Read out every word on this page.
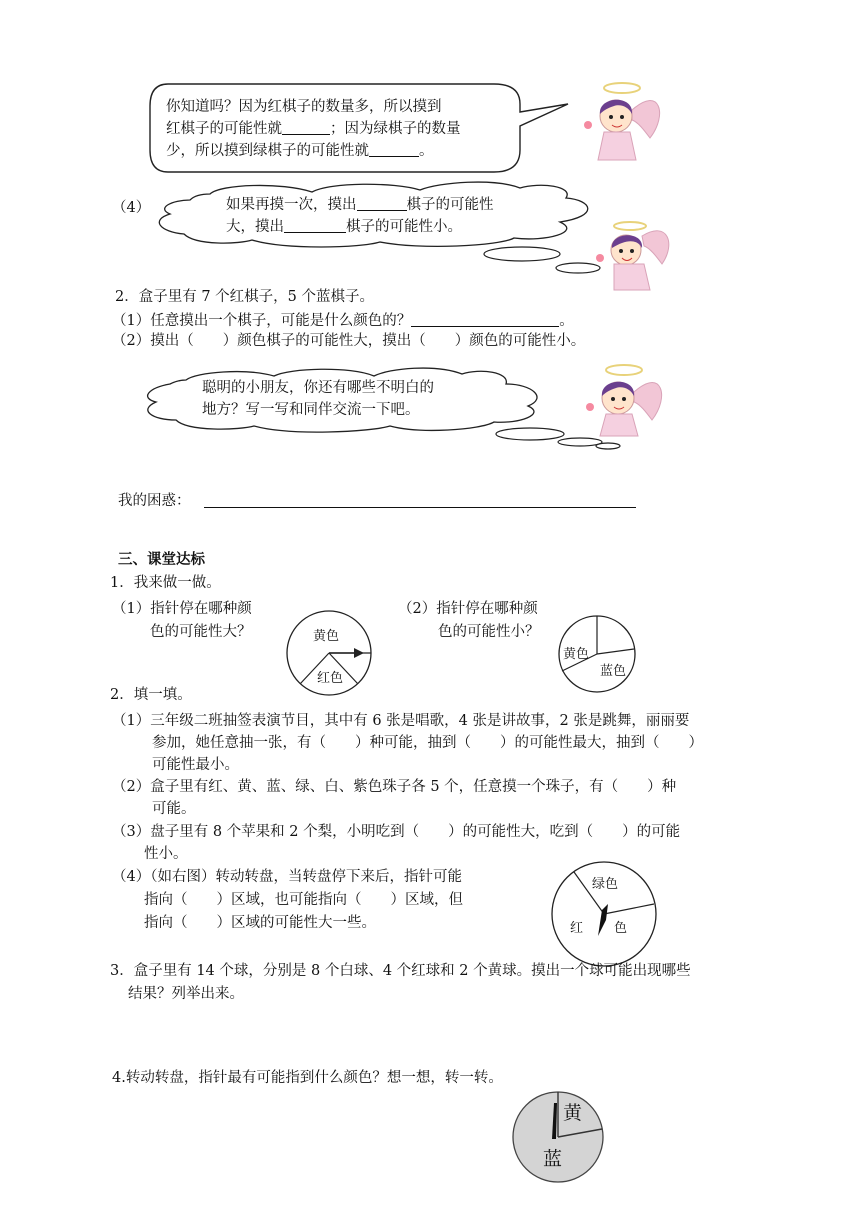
你知道吗？因为红棋子的数量多，所以摸到
红棋子的可能性就	；因为绿棋子的数量
少，所以摸到绿棋子的可能性就	。
（4）	如果再摸一次，摸出	棋子的可能性
大，摸出	棋子的可能性小。
2．盒子里有 7 个红棋子，5 个蓝棋子。
（1）任意摸出一个棋子，可能是什么颜色的？	。
（2）摸出（　　）颜色棋子的可能性大，摸出（　　）颜色的可能性小。
聪明的小朋友，你还有哪些不明白的
地方？写一写和同伴交流一下吧。
我的困惑：
三、课堂达标
1．我来做一做。
（1）指针停在哪种颜
色的可能性大？
（2）指针停在哪种颜
色的可能性小？
黄色
红色
黄色
蓝色
2．填一填。
（1）三年级二班抽签表演节目，其中有 6 张是唱歌，4 张是讲故事，2 张是跳舞，丽丽要
参加，她任意抽一张，有（　　）种可能，抽到（　　）的可能性最大，抽到（　　）
可能性最小。
（2）盒子里有红、黄、蓝、绿、白、紫色珠子各 5 个，任意摸一个珠子，有（　　）种
可能。
（3）盘子里有 8 个苹果和 2 个梨，小明吃到（　　）的可能性大，吃到（　　）的可能
性小。
（4）（如右图）转动转盘，当转盘停下来后，指针可能
指向（　　）区域，也可能指向（　　）区域，但
指向（　　）区域的可能性大一些。
绿色
红 色
3．盒子里有 14 个球，分别是 8 个白球、4 个红球和 2 个黄球。摸出一个球可能出现哪些
结果？列举出来。
4.转动转盘，指针最有可能指到什么颜色？想一想，转一转。
黄
蓝
